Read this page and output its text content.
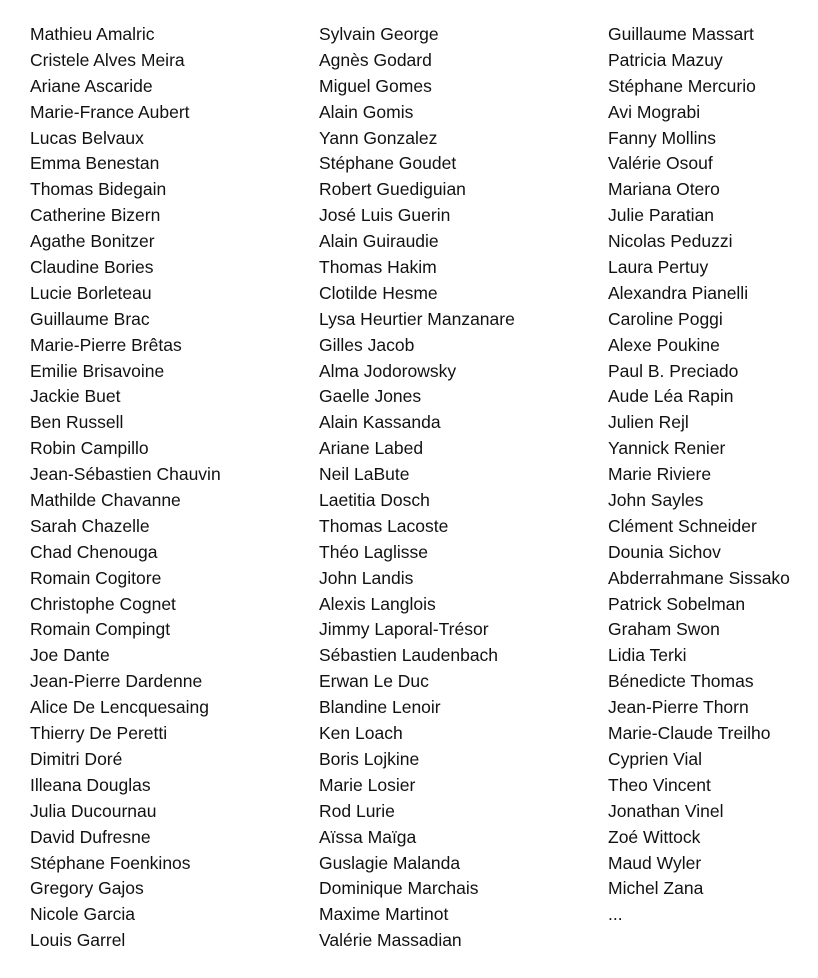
Mathieu Amalric
Cristele Alves Meira
Ariane Ascaride
Marie-France Aubert
Lucas Belvaux
Emma Benestan
Thomas Bidegain
Catherine Bizern
Agathe Bonitzer
Claudine Bories
Lucie Borleteau
Guillaume Brac
Marie-Pierre Brêtas
Emilie Brisavoine
Jackie Buet
Ben Russell
Robin Campillo
Jean-Sébastien Chauvin
Mathilde Chavanne
Sarah Chazelle
Chad Chenouga
Romain Cogitore
Christophe Cognet
Romain Compingt
Joe Dante
Jean-Pierre Dardenne
Alice De Lencquesaing
Thierry De Peretti
Dimitri Doré
Illeana Douglas
Julia Ducournau
David Dufresne
Stéphane Foenkinos
Gregory Gajos
Nicole Garcia
Louis Garrel
Sylvain George
Agnès Godard
Miguel Gomes
Alain Gomis
Yann Gonzalez
Stéphane Goudet
Robert Guediguian
José Luis Guerin
Alain Guiraudie
Thomas Hakim
Clotilde Hesme
Lysa Heurtier Manzanare
Gilles Jacob
Alma Jodorowsky
Gaelle Jones
Alain Kassanda
Ariane Labed
Neil LaBute
Laetitia Dosch
Thomas Lacoste
Théo Laglisse
John Landis
Alexis Langlois
Jimmy Laporal-Trésor
Sébastien Laudenbach
Erwan Le Duc
Blandine Lenoir
Ken Loach
Boris Lojkine
Marie Losier
Rod Lurie
Aïssa Maïga
Guslagie Malanda
Dominique Marchais
Maxime Martinot
Valérie Massadian
Guillaume Massart
Patricia Mazuy
Stéphane Mercurio
Avi Mograbi
Fanny Mollins
Valérie Osouf
Mariana Otero
Julie Paratian
Nicolas Peduzzi
Laura Pertuy
Alexandra Pianelli
Caroline Poggi
Alexe Poukine
Paul B. Preciado
Aude Léa Rapin
Julien Rejl
Yannick Renier
Marie Riviere
John Sayles
Clément Schneider
Dounia Sichov
Abderrahmane Sissako
Patrick Sobelman
Graham Swon
Lidia Terki
Bénedicte Thomas
Jean-Pierre Thorn
Marie-Claude Treilho
Cyprien Vial
Theo Vincent
Jonathan Vinel
Zoé Wittock
Maud Wyler
Michel Zana
...
